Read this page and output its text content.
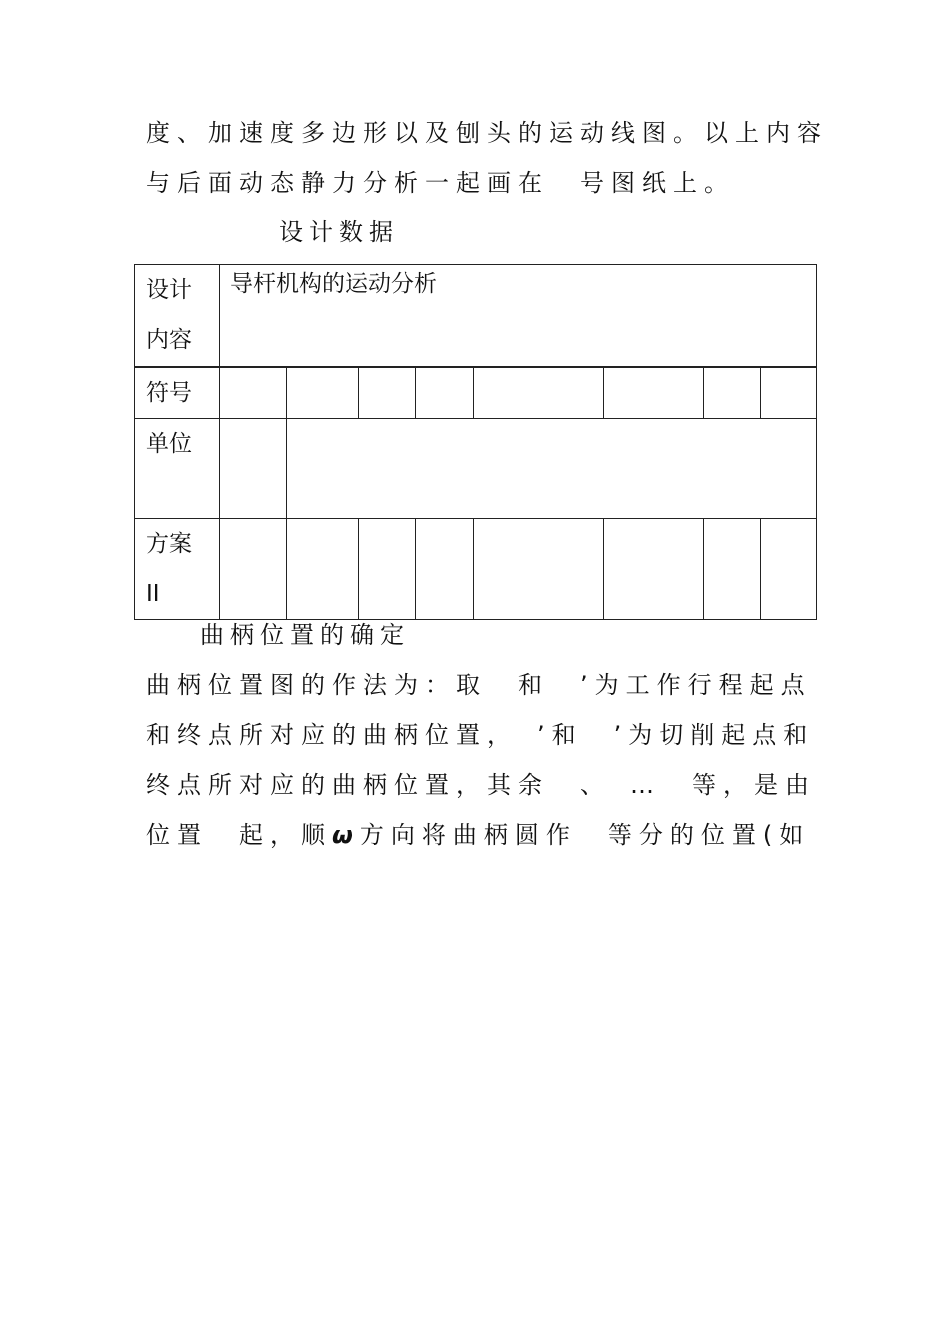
度、加速度多边形以及刨头的运动线图。以上内容
与后面动态静力分析一起画在　号图纸上。
设计数据
设计
内容	导杆机构的运动分析							
符号								
单位								

方案
II								

曲柄位置的确定
曲柄位置图的作法为：取　和　’为工作行程起点
和终点所对应的曲柄位置，　’和　’为切削起点和
终点所对应的曲柄位置，其余　、　…　等，是由
位置　起，顺ω方向将曲柄圆作　等分的位置(如
